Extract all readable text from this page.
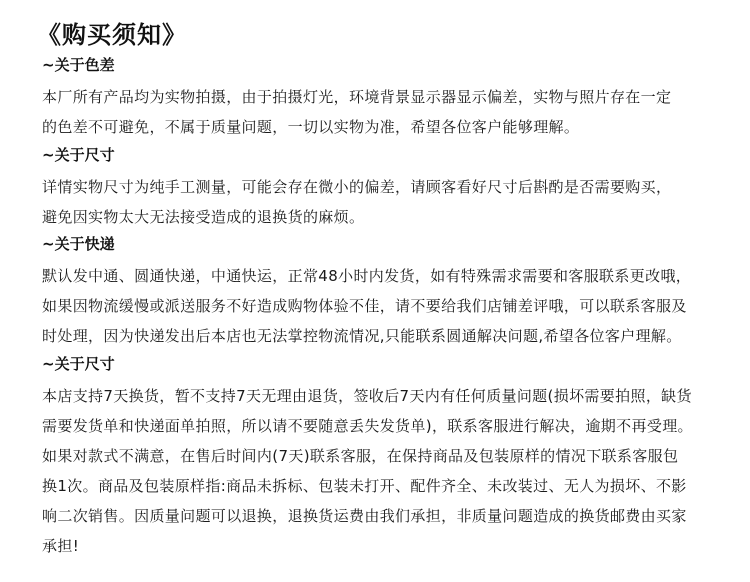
《购买须知》
~关于色差
本厂所有产品均为实物拍摄，由于拍摄灯光，环境背景显示器显示偏差，实物与照片存在一定
的色差不可避免，不属于质量问题，一切以实物为准，希望各位客户能够理解。
~关于尺寸
详情实物尺寸为纯手工测量，可能会存在微小的偏差，请顾客看好尺寸后斟酌是否需要购买，
避免因实物太大无法接受造成的退换货的麻烦。
~关于快递
默认发中通、圆通快递，中通快运，正常48小时内发货，如有特殊需求需要和客服联系更改哦，
如果因物流缓慢或派送服务不好造成购物体验不佳，请不要给我们店铺差评哦，可以联系客服及
时处理，因为快递发出后本店也无法掌控物流情况,只能联系圆通解决问题,希望各位客户理解。
~关于尺寸
本店支持7天换货，暂不支持7天无理由退货，签收后7天内有任何质量问题(损坏需要拍照，缺货
需要发货单和快递面单拍照，所以请不要随意丢失发货单)，联系客服进行解决，逾期不再受理。
如果对款式不满意，在售后时间内(7天)联系客服，在保持商品及包装原样的情况下联系客服包
换1次。商品及包装原样指:商品未拆标、包装未打开、配件齐全、未改装过、无人为损坏、不影
响二次销售。因质量问题可以退换，退换货运费由我们承担，非质量问题造成的换货邮费由买家
承担!
